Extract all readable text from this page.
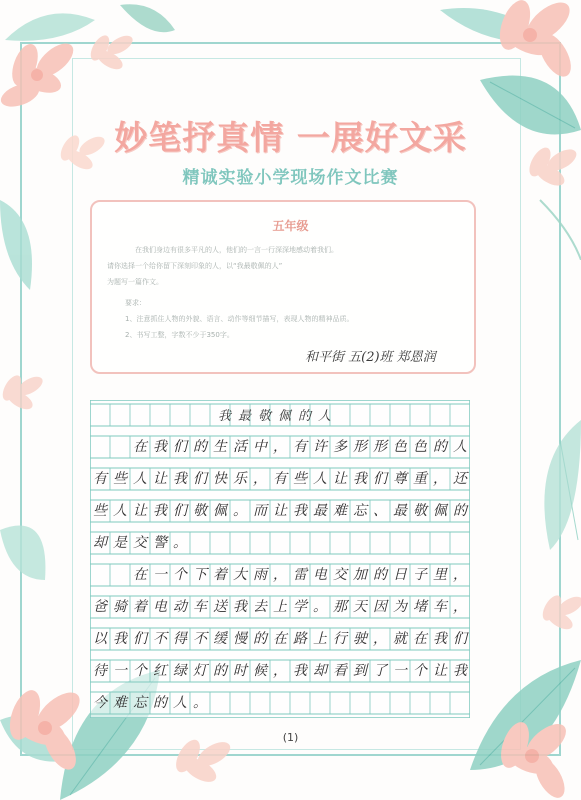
妙笔抒真情 一展好文采
精诚实验小学现场作文比赛
五年级
在我们身边有很多平凡的人，他们的一言一行深深地感动着我们。
请你选择一个给你留下深刻印象的人，以“我最敬佩的人”
为题写一篇作文。
要求：
1、注意抓住人物的外貌、语言、动作等细节描写，表现人物的精神品质。
2、书写工整，字数不少于350字。
和平街 五(2)班 郑恩润
我最敬佩的人

在 我 们 的 生 活 中 ， 有 许 多 形 形 色 色 的 人
有 些 人 让 我 们 快 乐 ， 有 些 人 让 我 们 尊 重 ， 还
些 人 让 我 们 敬 佩 。 而 让 我 最 难 忘 、 最 敬 佩 的
却 是 交 警 。

在 一 个 下 着 大 雨 ， 雷 电 交 加 的 日 子 里 ，
爸 骑 着 电 动 车 送 我 去 上 学 。 那 天 因 为 堵 车 ，
以 我 们 不 得 不 缓 慢 的 在 路 上 行 驶 ， 就 在 我 们
待 一 个 红 绿 灯 的 时 候 ， 我 却 看 到 了 一 个 让 我
今 难 忘 的 人 。
(1)
